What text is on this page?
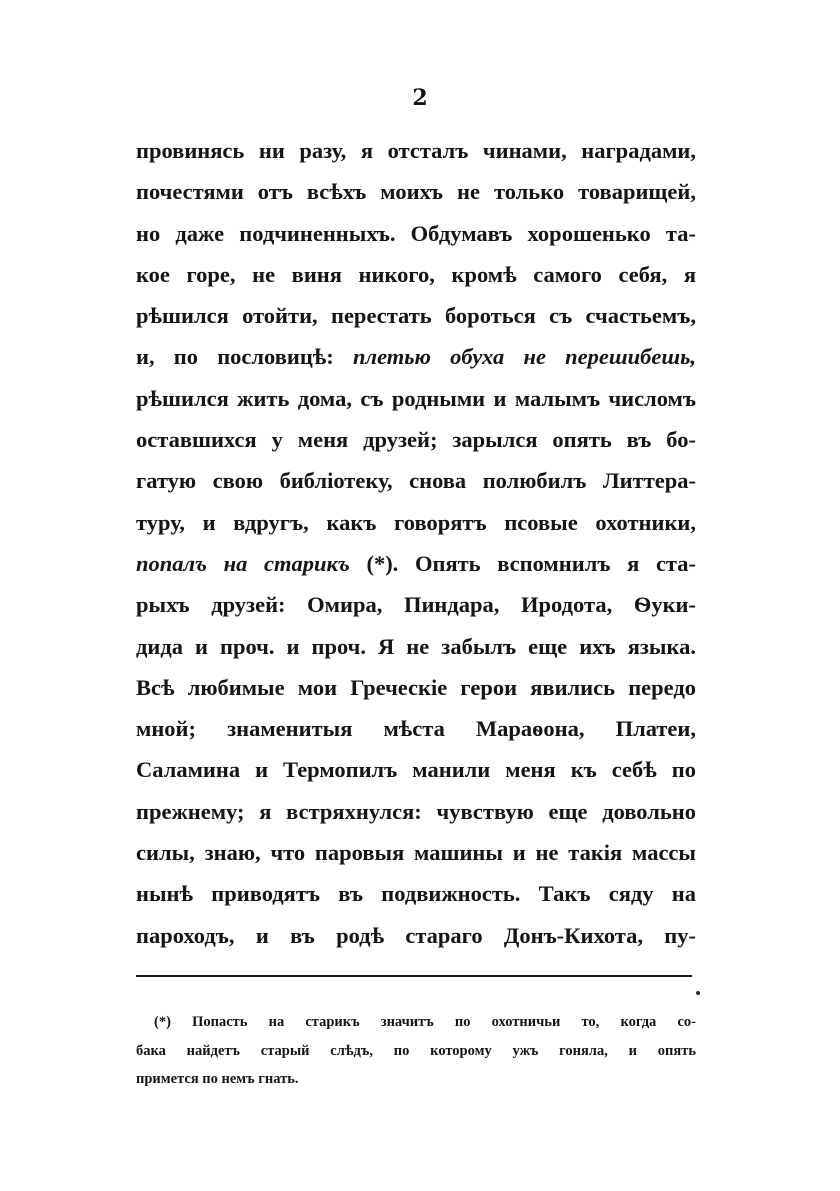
2
провинясь ни разу, я отсталъ чинами, наградами,
почестями отъ всѣхъ моихъ не только товарищей,
но даже подчиненныхъ. Обдумавъ хорошенько та-
кое горе, не виня никого, кромѣ самого себя, я
рѣшился отойти, перестать бороться съ счастьемъ,
и, по пословицѣ: плетью обуха не перешибешь,
рѣшился жить дома, съ родными и малымъ числомъ
оставшихся у меня друзей; зарылся опять въ бо-
гатую свою библіотеку, снова полюбилъ Литтера-
туру, и вдругъ, какъ говорятъ псовые охотники,
попалъ на старикъ (*). Опять вспомнилъ я ста-
рыхъ друзей: Омира, Пиндара, Иродота, Ѳуки-
дида и проч. и проч. Я не забылъ еще ихъ языка.
Всѣ любимые мои Греческіе герои явились передо
мной; знаменитыя мѣста Мараѳона, Платеи,
Саламина и Термопилъ манили меня къ себѣ по
прежнему; я встряхнулся: чувствую еще довольно
силы, знаю, что паровыя машины и не такія массы
нынѣ приводятъ въ подвижность. Такъ сяду на
пароходъ, и въ родѣ стараго Донъ-Кихота, пу-
(*) Попасть на старикъ значитъ по охотничьи то, когда со-
бака найдетъ старый слѣдъ, по которому ужъ гоняла, и опять
примется по немъ гнать.
